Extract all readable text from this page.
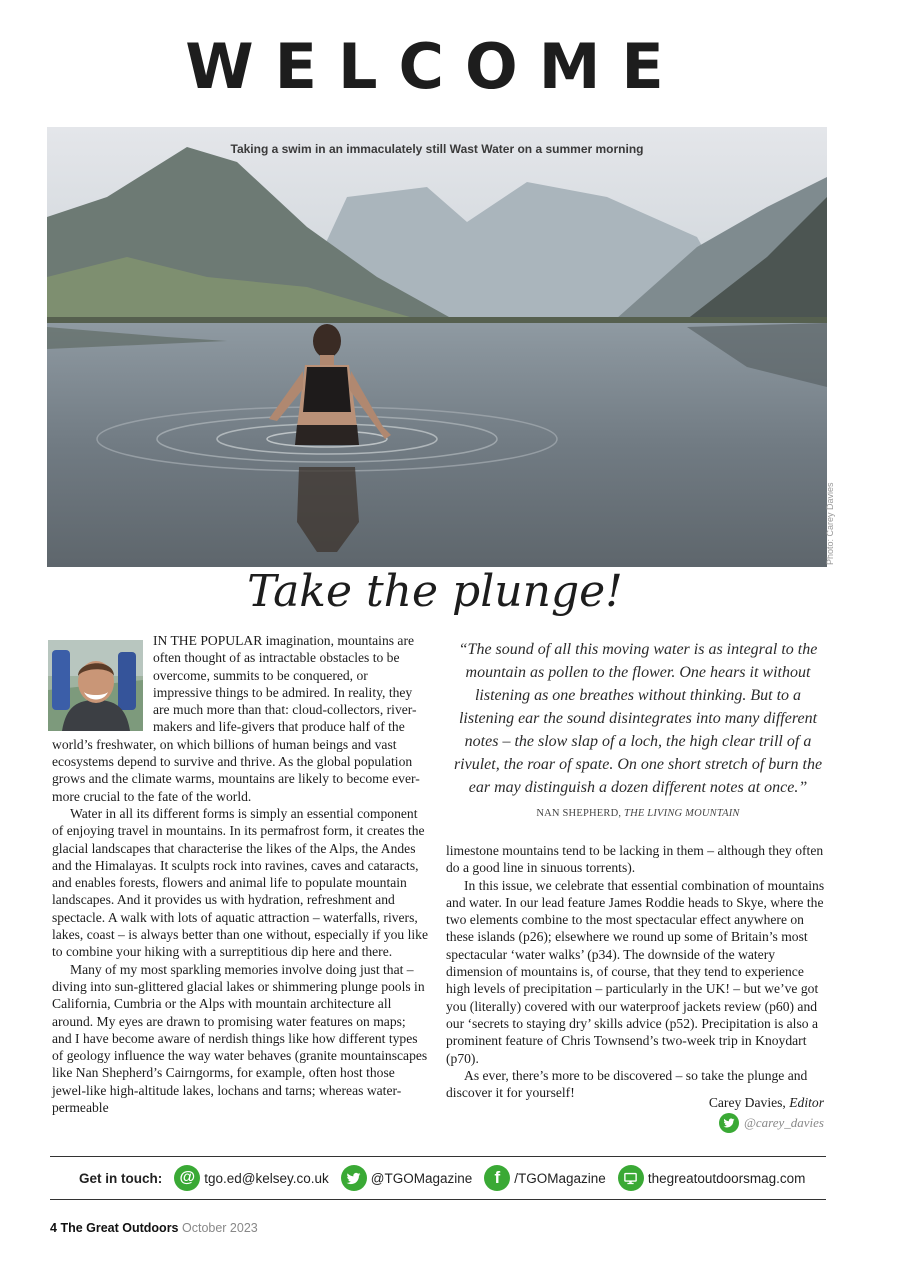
WELCOME
Taking a swim in an immaculately still Wast Water on a summer morning
Photo: Carey Davies
Take the plunge!

IN THE POPULAR imagination, mountains are often thought of as intractable obstacles to be overcome, summits to be conquered, or impressive things to be admired. In reality, they are much more than that: cloud-collectors, river-makers and life-givers that produce half of the world’s freshwater, on which billions of human beings and vast ecosystems depend to survive and thrive. As the global population grows and the climate warms, mountains are likely to become ever-more crucial to the fate of the world.

Water in all its different forms is simply an essential component of enjoying travel in mountains. In its permafrost form, it creates the glacial landscapes that characterise the likes of the Alps, the Andes and the Himalayas. It sculpts rock into ravines, caves and cataracts, and enables forests, flowers and animal life to populate mountain landscapes. And it provides us with hydration, refreshment and spectacle. A walk with lots of aquatic attraction – waterfalls, rivers, lakes, coast – is always better than one without, especially if you like to combine your hiking with a surreptitious dip here and there.

Many of my most sparkling memories involve doing just that – diving into sun-glittered glacial lakes or shimmering plunge pools in California, Cumbria or the Alps with mountain architecture all around. My eyes are drawn to promising water features on maps; and I have become aware of nerdish things like how different types of geology influence the way water behaves (granite mountainscapes like Nan Shepherd’s Cairngorms, for example, often host those jewel-like high-altitude lakes, lochans and tarns; whereas water-permeable

“The sound of all this moving water is as integral to the mountain as pollen to the flower. One hears it without listening as one breathes without thinking. But to a listening ear the sound disintegrates into many different notes – the slow slap of a loch, the high clear trill of a rivulet, the roar of spate. On one short stretch of burn the ear may distinguish a dozen different notes at once.”
NAN SHEPHERD, THE LIVING MOUNTAIN

limestone mountains tend to be lacking in them – although they often do a good line in sinuous torrents).

In this issue, we celebrate that essential combination of mountains and water. In our lead feature James Roddie heads to Skye, where the two elements combine to the most spectacular effect anywhere on these islands (p26); elsewhere we round up some of Britain’s most spectacular ‘water walks’ (p34). The downside of the watery dimension of mountains is, of course, that they tend to experience high levels of precipitation – particularly in the UK! – but we’ve got you (literally) covered with our waterproof jackets review (p60) and our ‘secrets to staying dry’ skills advice (p52). Precipitation is also a prominent feature of Chris Townsend’s two-week trip in Knoydart (p70).

As ever, there’s more to be discovered – so take the plunge and discover it for yourself!

Carey Davies, Editor
@carey_davies
Get in touch:	@ tgo.ed@kelsey.co.uk	@TGOMagazine	f	/TGOMagazine	thegreatoutdoorsmag.com
4 The Great Outdoors October 2023
